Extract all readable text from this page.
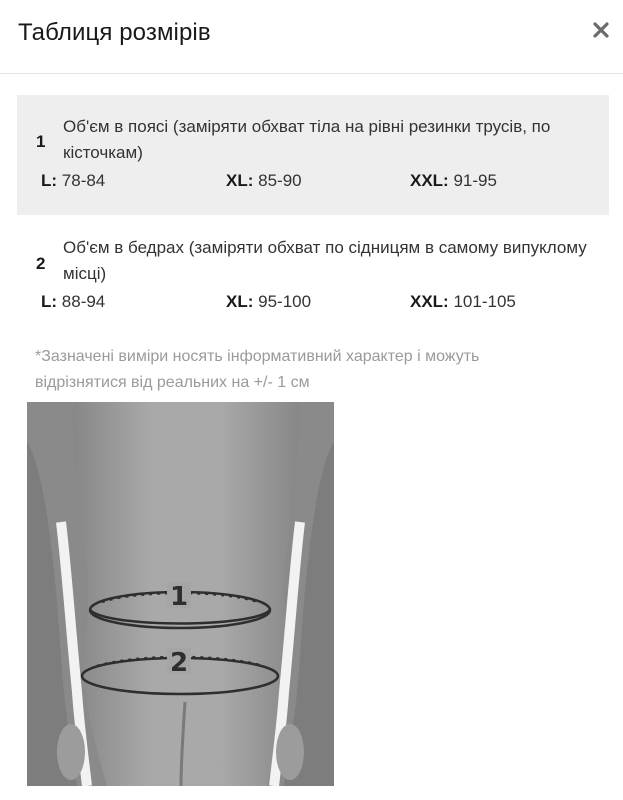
Таблиця розмірів
1
Об'єм в поясі (заміряти обхват тіла на рівні резинки трусів, по кісточкам)
L: 78-84	XL: 85-90	XXL: 91-95
2
Об'єм в бедрах (заміряти обхват по сідницям в самому випуклому місці)
L: 88-94	XL: 95-100	XXL: 101-105
*Зазначені виміри носять інформативний характер і можуть відрізнятися від реальних на +/- 1 см
1
2
